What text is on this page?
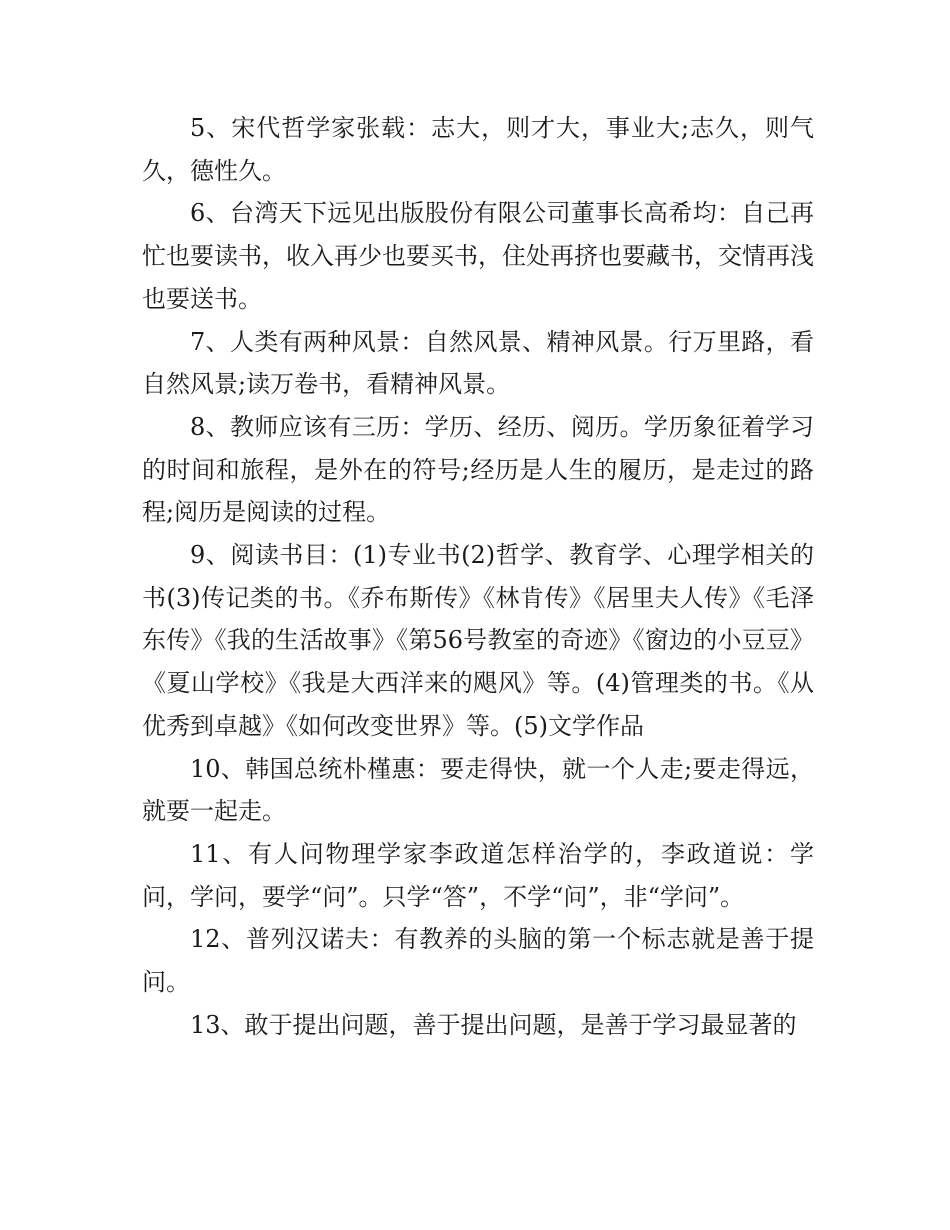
5、宋代哲学家张载：志大，则才大，事业大;志久，则气久，德性久。

6、台湾天下远见出版股份有限公司董事长高希均：自己再忙也要读书，收入再少也要买书，住处再挤也要藏书，交情再浅也要送书。

7、人类有两种风景：自然风景、精神风景。行万里路，看自然风景;读万卷书，看精神风景。

8、教师应该有三历：学历、经历、阅历。学历象征着学习的时间和旅程，是外在的符号;经历是人生的履历，是走过的路程;阅历是阅读的过程。

9、阅读书目：(1)专业书(2)哲学、教育学、心理学相关的书(3)传记类的书。《乔布斯传》《林肯传》《居里夫人传》《毛泽东传》《我的生活故事》《第56号教室的奇迹》《窗边的小豆豆》《夏山学校》《我是大西洋来的飓风》等。(4)管理类的书。《从优秀到卓越》《如何改变世界》等。(5)文学作品

10、韩国总统朴槿惠：要走得快，就一个人走;要走得远，就要一起走。

11、有人问物理学家李政道怎样治学的，李政道说：学问，学问，要学“问”。只学“答”，不学“问”，非“学问”。

12、普列汉诺夫：有教养的头脑的第一个标志就是善于提问。

13、敢于提出问题，善于提出问题，是善于学习最显著的
